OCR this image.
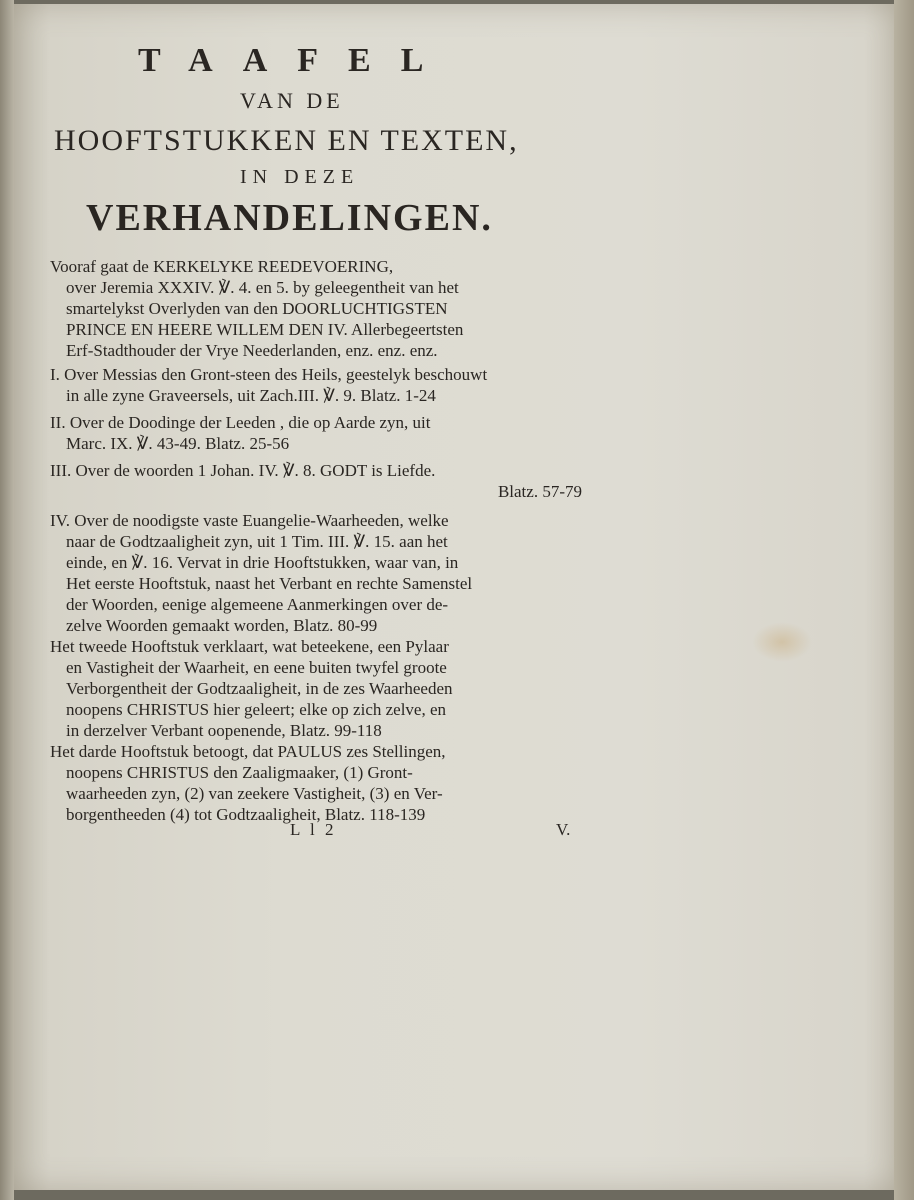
TAAFEL
VAN DE
HOOFTSTUKKEN EN TEXTEN,
IN DEZE
VERHANDELINGEN.
Vooraf gaat de KERKELYKE REEDEVOERING,
over Jeremia XXXIV. ℣. 4. en 5. by geleegentheit van het
smartelykst Overlyden van den DOORLUCHTIGSTEN
PRINCE EN HEERE WILLEM DEN IV. Allerbegeertsten
Erf-Stadthouder der Vrye Neederlanden, enz. enz. enz.
I. Over Messias den Gront-steen des Heils, geestelyk beschouwt
in alle zyne Graveersels, uit Zach.III. ℣. 9. Blatz. 1-24
II. Over de Doodinge der Leeden , die op Aarde zyn, uit
Marc. IX. ℣. 43-49. Blatz. 25-56
III. Over de woorden 1 Johan. IV. ℣. 8. GODT is Liefde.
Blatz. 57-79
IV. Over de noodigste vaste Euangelie-Waarheeden, welke
naar de Godtzaaligheit zyn, uit 1 Tim. III. ℣. 15. aan het
einde, en ℣. 16. Vervat in drie Hooftstukken, waar van, in
Het eerste Hooftstuk, naast het Verbant en rechte Samenstel
der Woorden, eenige algemeene Aanmerkingen over de-
zelve Woorden gemaakt worden, Blatz. 80-99
Het tweede Hooftstuk verklaart, wat beteekene, een Pylaar
en Vastigheit der Waarheit, en eene buiten twyfel groote
Verborgentheit der Godtzaaligheit, in de zes Waarheeden
noopens CHRISTUS hier geleert; elke op zich zelve, en
in derzelver Verbant oopenende, Blatz. 99-118
Het darde Hooftstuk betoogt, dat PAULUS zes Stellingen,
noopens CHRISTUS den Zaaligmaaker, (1) Gront-
waarheeden zyn, (2) van zeekere Vastigheit, (3) en Ver-
borgentheeden (4) tot Godtzaaligheit, Blatz. 118-139
L l 2	V.
